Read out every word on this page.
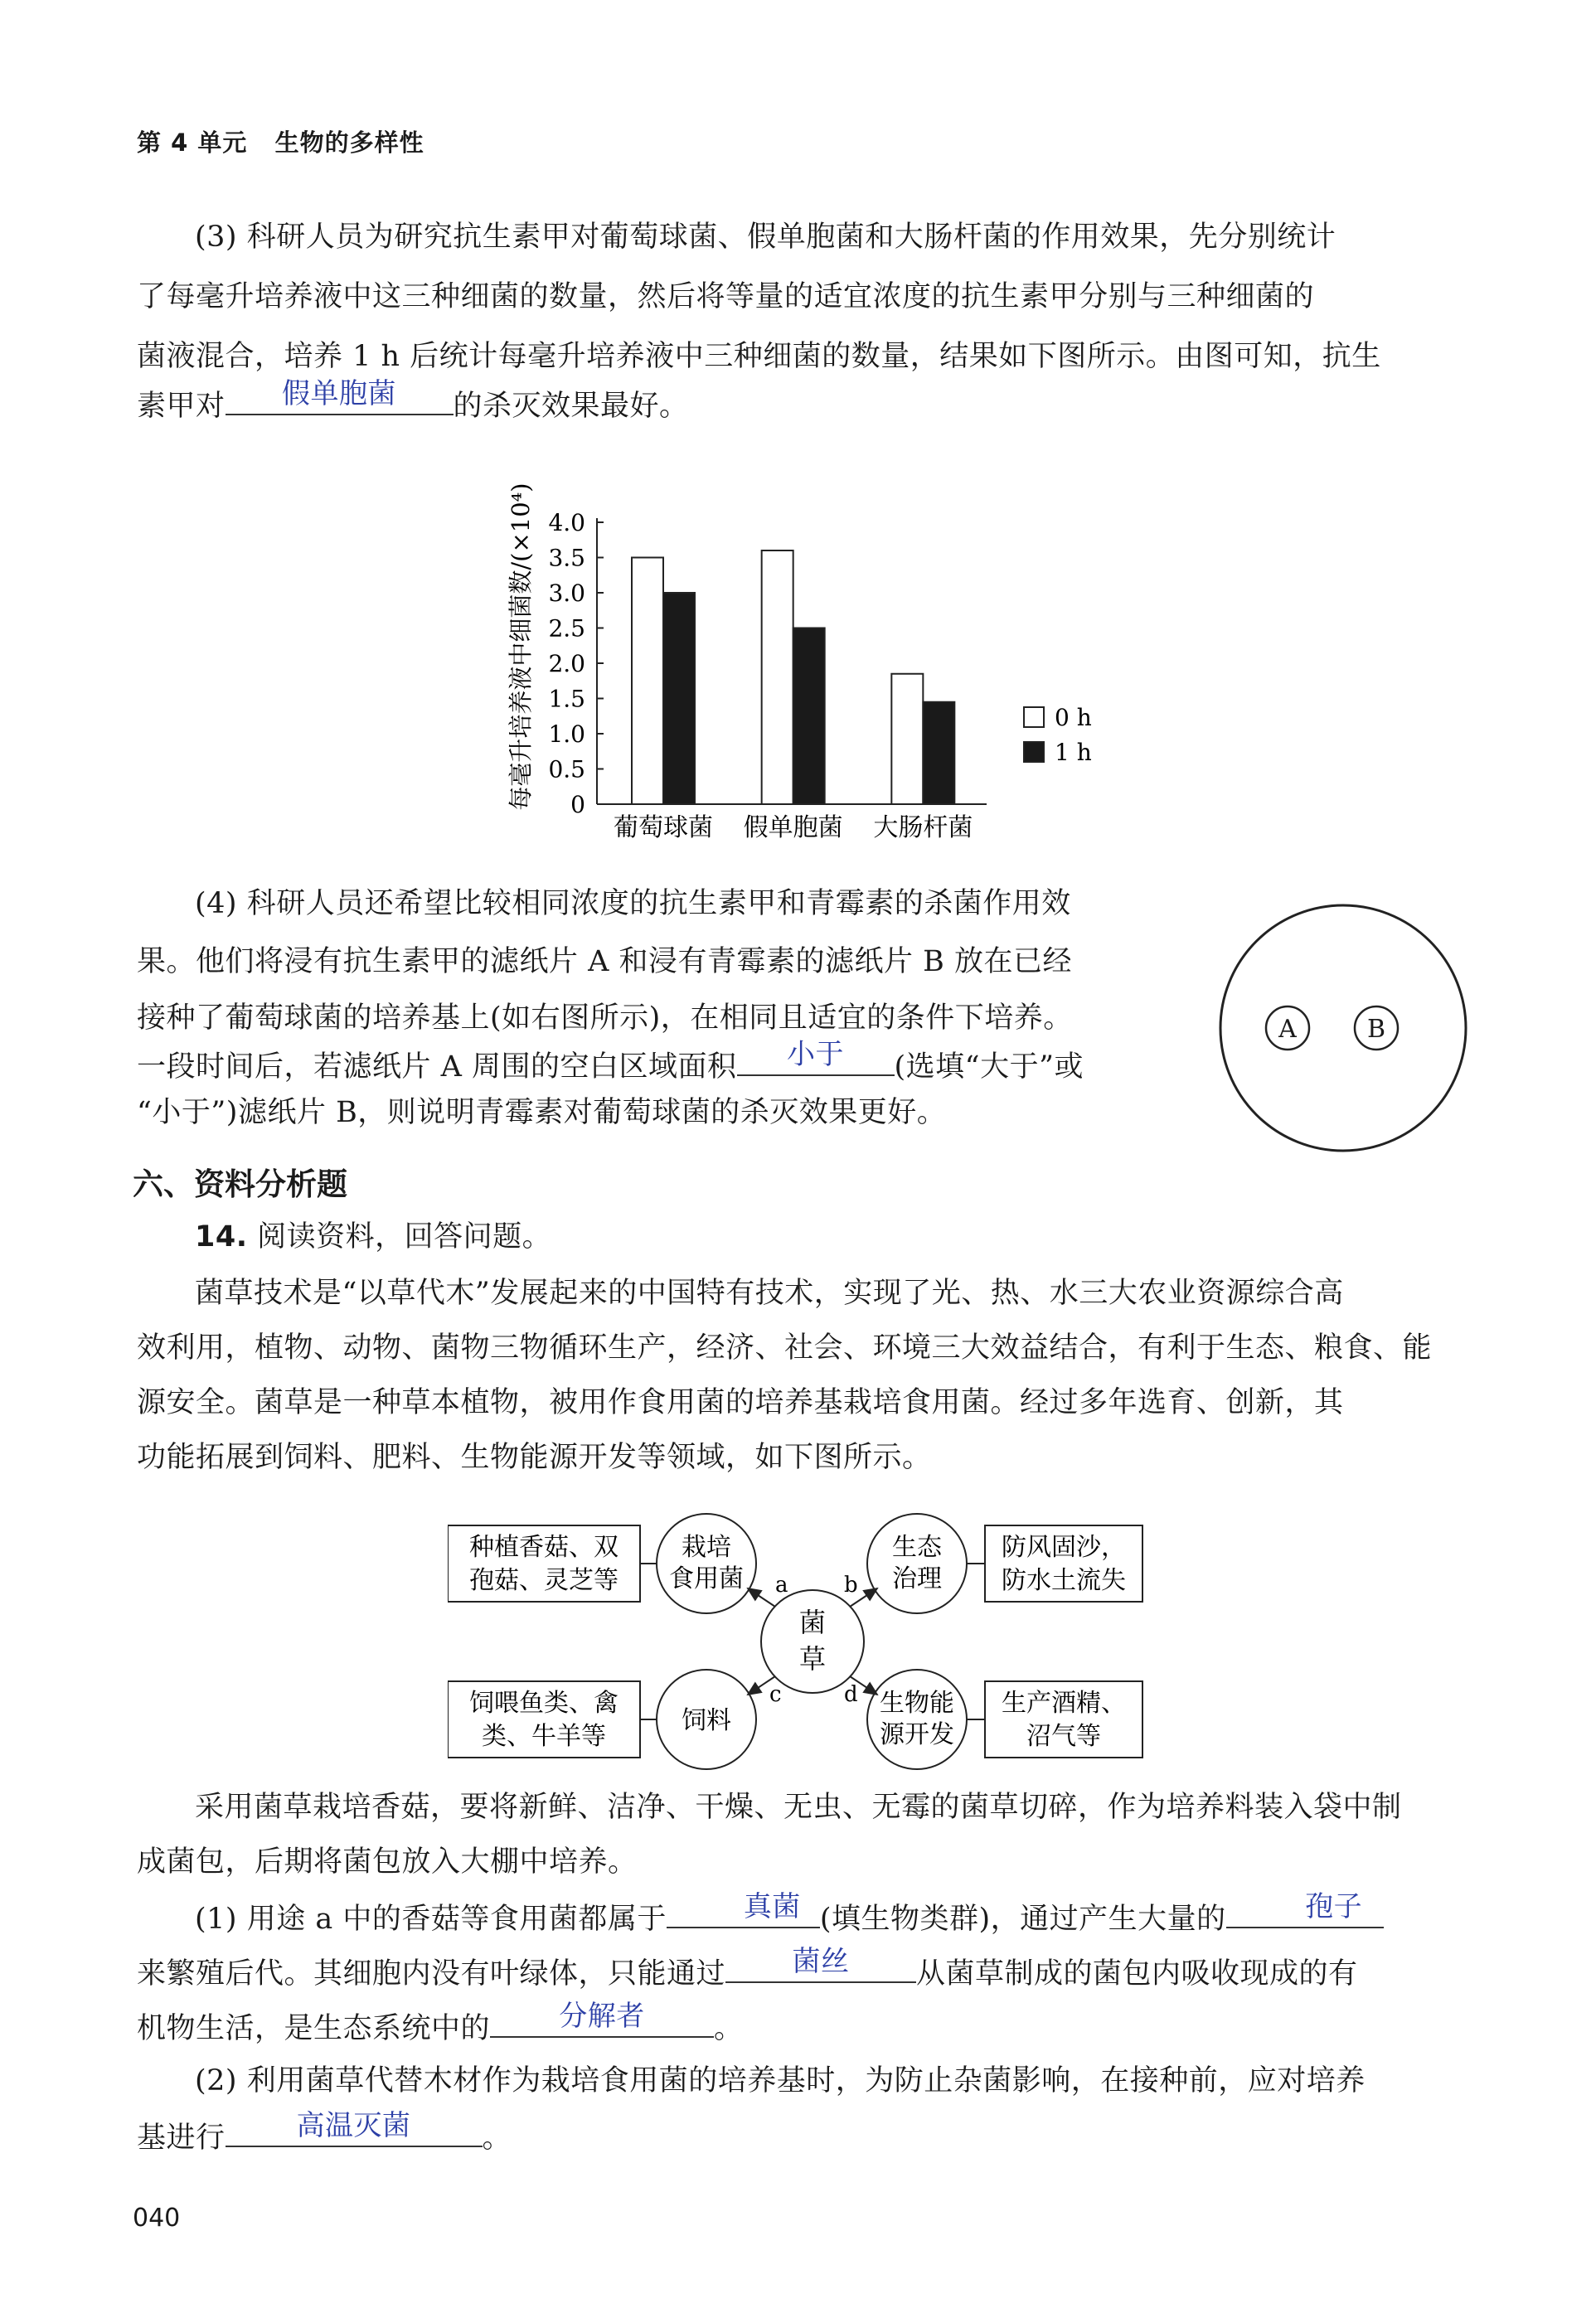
第 4 单元 生物的多样性
(3) 科研人员为研究抗生素甲对葡萄球菌、假单胞菌和大肠杆菌的作用效果，先分别统计
了每毫升培养液中这三种细菌的数量，然后将等量的适宜浓度的抗生素甲分别与三种细菌的
菌液混合，培养 1 h 后统计每毫升培养液中三种细菌的数量，结果如下图所示。由图可知，抗生
素甲对	假单胞菌	的杀灭效果最好。
每毫升培养液中细菌数/(×10⁴) 0
0.5
1.0
1.5
2.0
2.5
3.0
3.5
4.0
葡萄球菌 假单胞菌 大肠杆菌
0 h
1 h
(4) 科研人员还希望比较相同浓度的抗生素甲和青霉素的杀菌作用效
果。他们将浸有抗生素甲的滤纸片 A 和浸有青霉素的滤纸片 B 放在已经
接种了葡萄球菌的培养基上(如右图所示)，在相同且适宜的条件下培养。
一段时间后，若滤纸片 A 周围的空白区域面积	小于	(选填“大于”或
“小于”)滤纸片 B，则说明青霉素对葡萄球菌的杀灭效果更好。
A	B
六、资料分析题
14. 阅读资料，回答问题。
菌草技术是“以草代木”发展起来的中国特有技术，实现了光、热、水三大农业资源综合高
效利用，植物、动物、菌物三物循环生产，经济、社会、环境三大效益结合，有利于生态、粮食、能
源安全。菌草是一种草本植物，被用作食用菌的培养基栽培食用菌。经过多年选育、创新，其
功能拓展到饲料、肥料、生物能源开发等领域，如下图所示。
种植香菇、双
孢菇、灵芝等
防风固沙，
防水土流失
饲喂鱼类、禽
类、牛羊等
生产酒精、
沼气等
栽培
食用菌
生态
治理
饲料
生物能
源开发
菌
草
a	b
c	d
采用菌草栽培香菇，要将新鲜、洁净、干燥、无虫、无霉的菌草切碎，作为培养料装入袋中制
成菌包，后期将菌包放入大棚中培养。
(1) 用途 a 中的香菇等食用菌都属于	真菌 (填生物类群)，通过产生大量的	孢子
来繁殖后代。其细胞内没有叶绿体，只能通过	菌丝	从菌草制成的菌包内吸收现成的有
机物生活，是生态系统中的	分解者	。
(2) 利用菌草代替木材作为栽培食用菌的培养基时，为防止杂菌影响，在接种前，应对培养
基进行	高温灭菌	。
040
